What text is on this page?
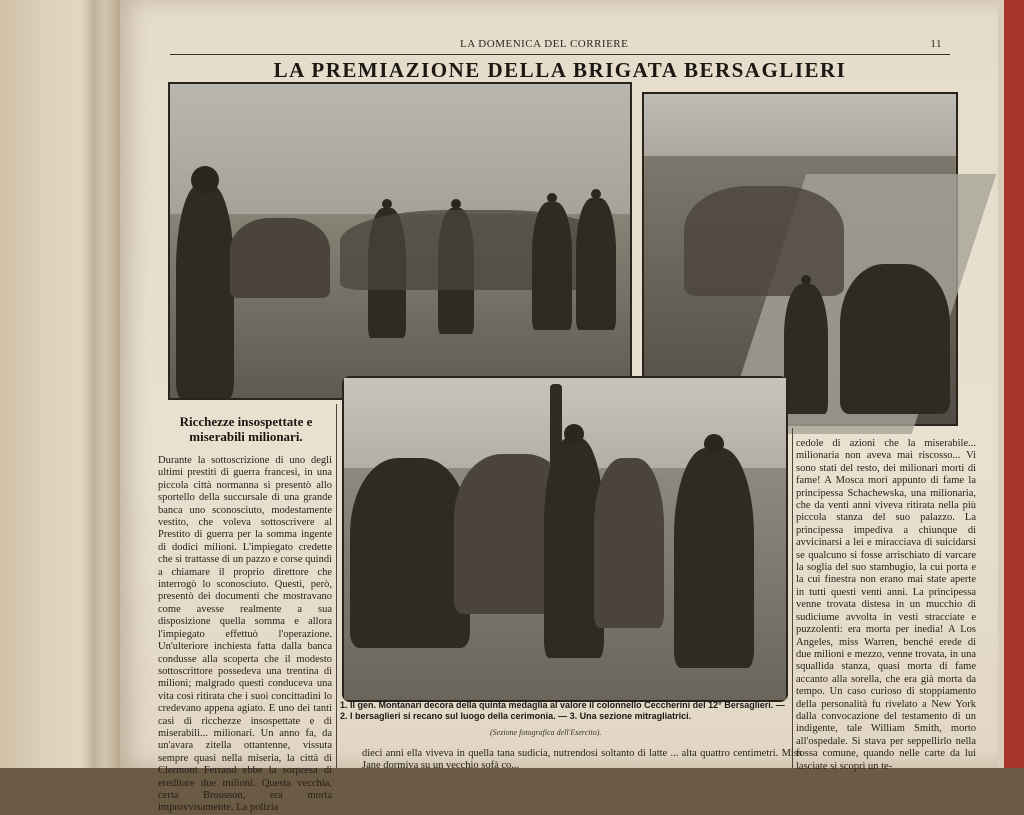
LA DOMENICA DEL CORRIERE	11
LA PREMIAZIONE DELLA BRIGATA BERSAGLIERI
1. Il gen. Montanari decora della quinta medaglia al valore il colonnello Ceccherini del 12° Bersaglieri. — 2. I bersaglieri si recano sul luogo della cerimonia. — 3. Una sezione mitragliatrici.
(Sezione fotografica dell'Esercito).
Ricchezze insospettate e miserabili milionari.
Durante la sottoscrizione di uno degli ultimi prestiti di guerra francesi, in una piccola città normanna si presentò allo sportello della succursale di una grande banca uno sconosciuto, modestamente vestito, che voleva sottoscrivere al Prestito di guerra per la somma ingente di dodici milioni. L'impiegato credette che si trattasse di un pazzo e corse quindi a chiamare il proprio direttore che interrogò lo sconosciuto. Questi, però, presentò dei documenti che mostravano come avesse realmente a sua disposizione quella somma e allora l'impiegato effettuò l'operazione. Un'ulteriore inchiesta fatta dalla banca condusse alla scoperta che il modesto sottoscrittore possedeva una trentina di milioni; malgrado questi conduceva una vita così ritirata che i suoi concittadini lo credevano appena agiato. E uno dei tanti casi di ricchezze insospettate e di miserabili... milionari. Un anno fa, da un'avara zitella ottantenne, vissuta sempre quasi nella miseria, la città di Clermont Ferrand ebbe la sorpresa di ereditare due milioni. Questa vecchia, certa Brousson, era morta improvvisamente. La polizia
cedole di azioni che la miserabile... milionaria non aveva mai riscosso... Vi sono stati del resto, dei milionari morti di fame! A Mosca morì appunto di fame la principessa Schachewska, una milionaria, che da venti anni viveva ritirata nella più piccola stanza del suo palazzo. La principessa impediva a chiunque di avvicinarsi a lei e miracciava di suicidarsi se qualcuno si fosse arrischiato di varcare la soglia del suo stambugio, la cui porta e la cui finestra non erano mai state aperte in tutti questi venti anni. La principessa venne trovata distesa in un mucchio di sudiciume avvolta in vesti stracciate e puzzolenti: era morta per inedia! A Los Angeles, miss Warren, benché erede di due milioni e mezzo, venne trovata, in una squallida stanza, quasi morta di fame accanto alla sorella, che era già morta da tempo. Un caso curioso di stoppiamento della personalità fu rivelato a New York dalla convocazione del testamento di un indigente, tale William Smith, morto all'ospedale. Si stava per seppellirlo nella fossa comune, quando nelle carte da lui lasciate si scoprì un te-
dieci anni ella viveva in quella tana sudicia, nutrendosi soltanto di latte ... alta quattro centimetri. Miss Jane dormiva su un vecchio sofà co...
